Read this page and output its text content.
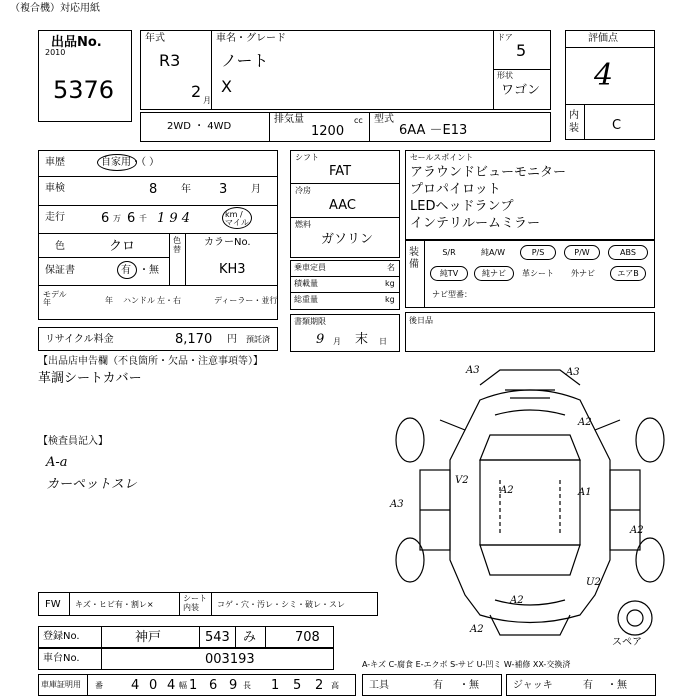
（複合機）対応用紙
出品No.
2010
5376
年式
R3
2 月
車名・グレード
ノート
X
ドア
5
形状
ワゴン
評価点
4
内装	C
2WD ・ 4WD
排気量
1200
cc 型式
6AA －E13
車歴	自家用・（ ）
車検	8 年 3 月
走行	6 万 6 千 1 9 4	km / マイル
色	クロ	色替
カラーNo.
KH3
保証書	有 ・無
モデル年	年 ハンドル 左・右	ディーラー・並行
リサイクル料金	8,170 円 預託済
シフト
FAT
冷房
AAC
燃料
ガソリン
乗車定員	名
積載量	kg
総重量	kg
書類期限
9 月 末 日
セールスポイント
アラウンドビューモニター
プロパイロット
LEDヘッドランプ
インテリルームミラー
装備
S/R	純A/W	P/S	P/W	ABS
純TV	純ナビ	革シート	外ナビ	エアB
ナビ型番：
後日品
【出品店申告欄（不良箇所・欠品・注意事項等）】
革調シートカバー
【検査員記入】
A-a
カーペットスレ
A3	A3
A2
V2
A2	A1
A3
A2
U2
A2
A2
スペア
FW キズ・ヒビ有・割レ×
シート内装	コゲ・穴・汚レ・シミ・破レ・スレ
登録No.	神戸	543 み	708
車台No.	003193	A-キズ C-腐食 E-エクボ S-サビ U-凹ミ W-補修 XX-交換済
車庫証明用	4 0 4 1 6 9	1 5 2
番	幅	長	高	工具	有 ・無	ジャッキ	有 ・無
